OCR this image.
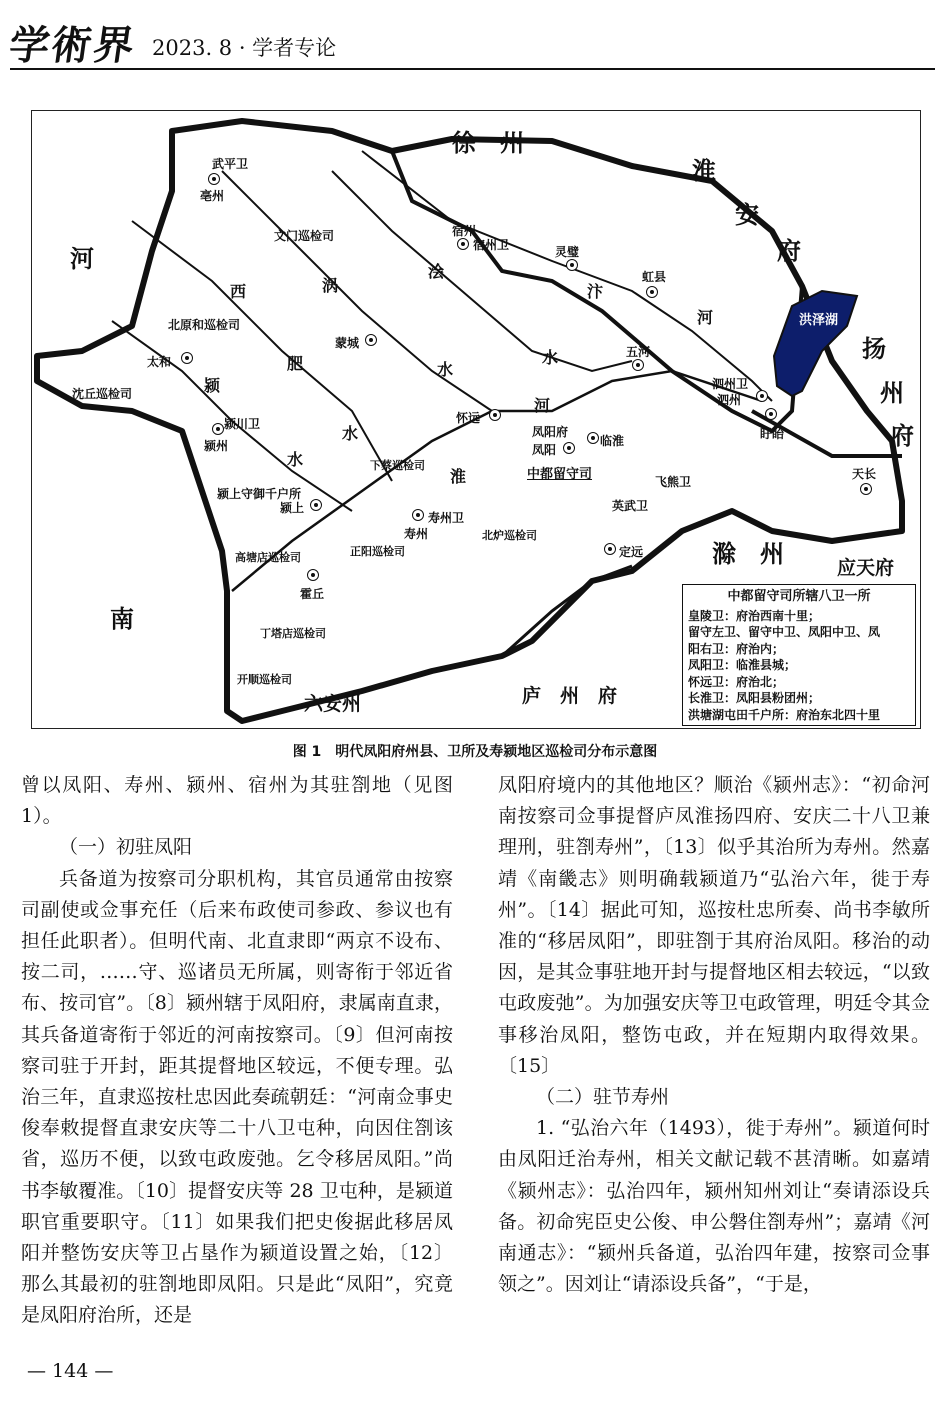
学術界 2023. 8 · 学者专论
河
南
徐　州
淮
安
府
扬
州
府
滁　州	应天府
庐　州　府
六安州
西
肥
水
颍
水
涡
水
浍
水
汴
河
淮
河
洪泽湖
武平卫
亳州
文门巡检司
北原和巡检司
太和
沈丘巡检司
颍川卫
颍州
蒙城
宿州
宿州卫	灵璧
虹县
五河
泗州卫
泗州
盱眙
怀远
凤阳府
凤阳
临淮
中都留守司
下蔡巡检司
颍上守御千户所
颍上
寿州卫
寿州
正阳巡检司
北炉巡检司
飞熊卫
英武卫
定远
天长
高塘店巡检司
霍丘
丁塔店巡检司
开顺巡检司
中都留守司所辖八卫一所
皇陵卫：府治西南十里；
留守左卫、留守中卫、凤阳中卫、凤
阳右卫：府治内；
凤阳卫：临淮县城；
怀远卫：府治北；
长淮卫：凤阳县粉团州；
洪塘湖屯田千户所：府治东北四十里
图 1　明代凤阳府州县、卫所及寿颍地区巡检司分布示意图

曾以凤阳、寿州、颍州、宿州为其驻劄地（见图 1）。

（一）初驻凤阳

兵备道为按察司分职机构，其官员通常由按察司副使或佥事充任（后来布政使司参政、参议也有担任此职者）。但明代南、北直隶即“两京不设布、按二司，……守、巡诸员无所属，则寄衔于邻近省布、按司官”。〔8〕颍州辖于凤阳府，隶属南直隶，其兵备道寄衔于邻近的河南按察司。〔9〕但河南按察司驻于开封，距其提督地区较远，不便专理。弘治三年，直隶巡按杜忠因此奏疏朝廷：“河南佥事史俊奉敕提督直隶安庆等二十八卫屯种，向因住劄该省，巡历不便，以致屯政废弛。乞令移居凤阳。”尚书李敏覆准。〔10〕提督安庆等 28 卫屯种，是颍道职官重要职守。〔11〕如果我们把史俊据此移居凤阳并整饬安庆等卫占垦作为颍道设置之始，〔12〕那么其最初的驻劄地即凤阳。只是此“凤阳”，究竟是凤阳府治所，还是

凤阳府境内的其他地区？顺治《颍州志》：“初命河南按察司佥事提督庐凤淮扬四府、安庆二十八卫兼理刑，驻劄寿州”，〔13〕似乎其治所为寿州。然嘉靖《南畿志》则明确载颍道乃“弘治六年，徙于寿州”。〔14〕据此可知，巡按杜忠所奏、尚书李敏所准的“移居凤阳”，即驻劄于其府治凤阳。移治的动因，是其佥事驻地开封与提督地区相去较远，“以致屯政废弛”。为加强安庆等卫屯政管理，明廷令其佥事移治凤阳，整饬屯政，并在短期内取得效果。〔15〕

（二）驻节寿州

1. “弘治六年（1493），徙于寿州”。颍道何时由凤阳迁治寿州，相关文献记载不甚清晰。如嘉靖《颍州志》：弘治四年，颍州知州刘让“奏请添设兵备。初命宪臣史公俊、申公磐住劄寿州”；嘉靖《河南通志》：“颍州兵备道，弘治四年建，按察司佥事领之”。因刘让“请添设兵备”，“于是，

— 144 —
